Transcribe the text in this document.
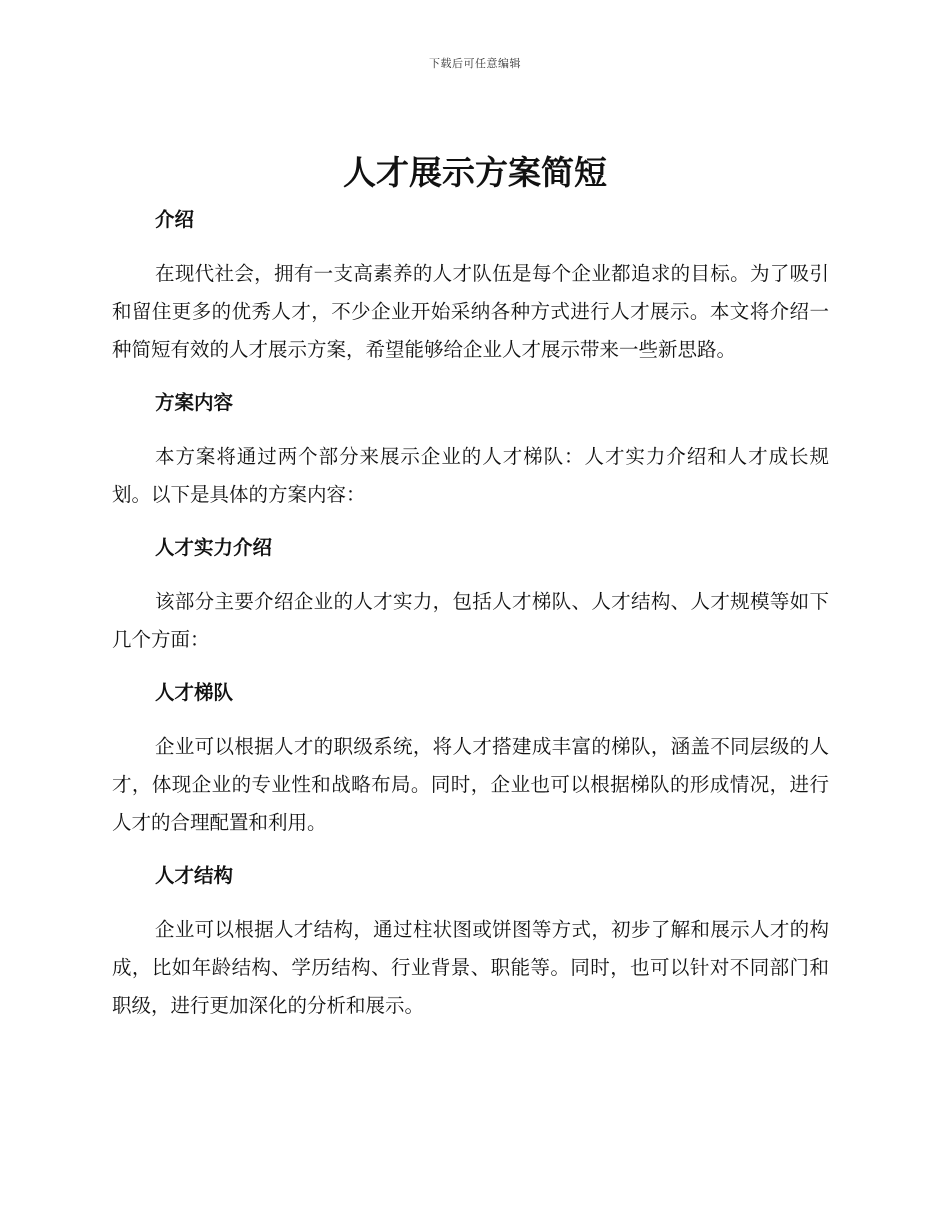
下载后可任意编辑
人才展示方案简短
介绍

在现代社会，拥有一支高素养的人才队伍是每个企业都追求的目标。为了吸引和留住更多的优秀人才，不少企业开始采纳各种方式进行人才展示。本文将介绍一种简短有效的人才展示方案，希望能够给企业人才展示带来一些新思路。

方案内容

本方案将通过两个部分来展示企业的人才梯队：人才实力介绍和人才成长规划。以下是具体的方案内容：

人才实力介绍

该部分主要介绍企业的人才实力，包括人才梯队、人才结构、人才规模等如下几个方面：

人才梯队

企业可以根据人才的职级系统，将人才搭建成丰富的梯队，涵盖不同层级的人才，体现企业的专业性和战略布局。同时，企业也可以根据梯队的形成情况，进行人才的合理配置和利用。

人才结构

企业可以根据人才结构，通过柱状图或饼图等方式，初步了解和展示人才的构成，比如年龄结构、学历结构、行业背景、职能等。同时，也可以针对不同部门和职级，进行更加深化的分析和展示。
